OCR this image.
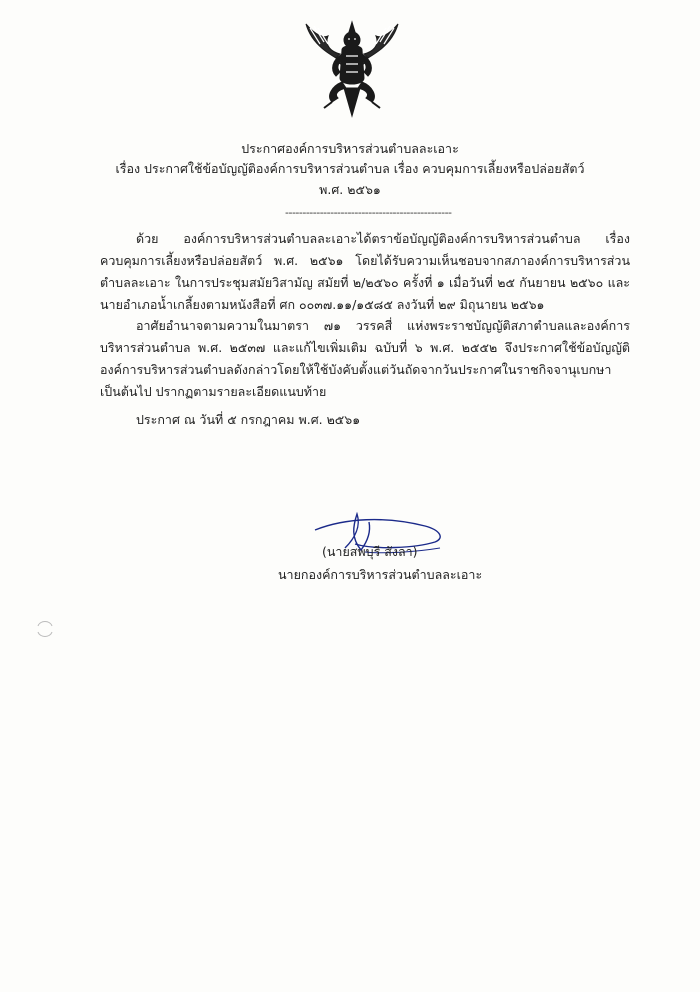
ประกาศองค์การบริหารส่วนตำบลละเอาะ
เรื่อง ประกาศใช้ข้อบัญญัติองค์การบริหารส่วนตำบล เรื่อง ควบคุมการเลี้ยงหรือปล่อยสัตว์
พ.ศ. ๒๕๖๑
------------------------------------------------
ด้วย องค์การบริหารส่วนตำบลละเอาะได้ตราข้อบัญญัติองค์การบริหารส่วนตำบล เรื่อง ควบคุมการเลี้ยงหรือปล่อยสัตว์ พ.ศ. ๒๕๖๑ โดยได้รับความเห็นชอบจากสภาองค์การบริหารส่วนตำบลละเอาะ ในการประชุมสมัยวิสามัญ สมัยที่ ๒/๒๕๖๐ ครั้งที่ ๑ เมื่อวันที่ ๒๕ กันยายน ๒๕๖๐ และนายอำเภอน้ำเกลี้ยงตามหนังสือที่ ศก ๐๐๓๗.๑๑/๑๕๘๕ ลงวันที่ ๒๙ มิถุนายน ๒๕๖๑
อาศัยอำนาจตามความในมาตรา ๗๑ วรรคสี่ แห่งพระราชบัญญัติสภาตำบลและองค์การบริหารส่วนตำบล พ.ศ. ๒๕๓๗ และแก้ไขเพิ่มเติม ฉบับที่ ๖ พ.ศ. ๒๕๕๒ จึงประกาศใช้ข้อบัญญัติองค์การบริหารส่วนตำบลดังกล่าวโดยให้ใช้บังคับตั้งแต่วันถัดจากวันประกาศในราชกิจจานุเบกษาเป็นต้นไป ปรากฏตามรายละเอียดแนบท้าย
ประกาศ ณ วันที่ ๕ กรกฎาคม พ.ศ. ๒๕๖๑
(นายสพบุรี สังลา)
นายกองค์การบริหารส่วนตำบลละเอาะ
